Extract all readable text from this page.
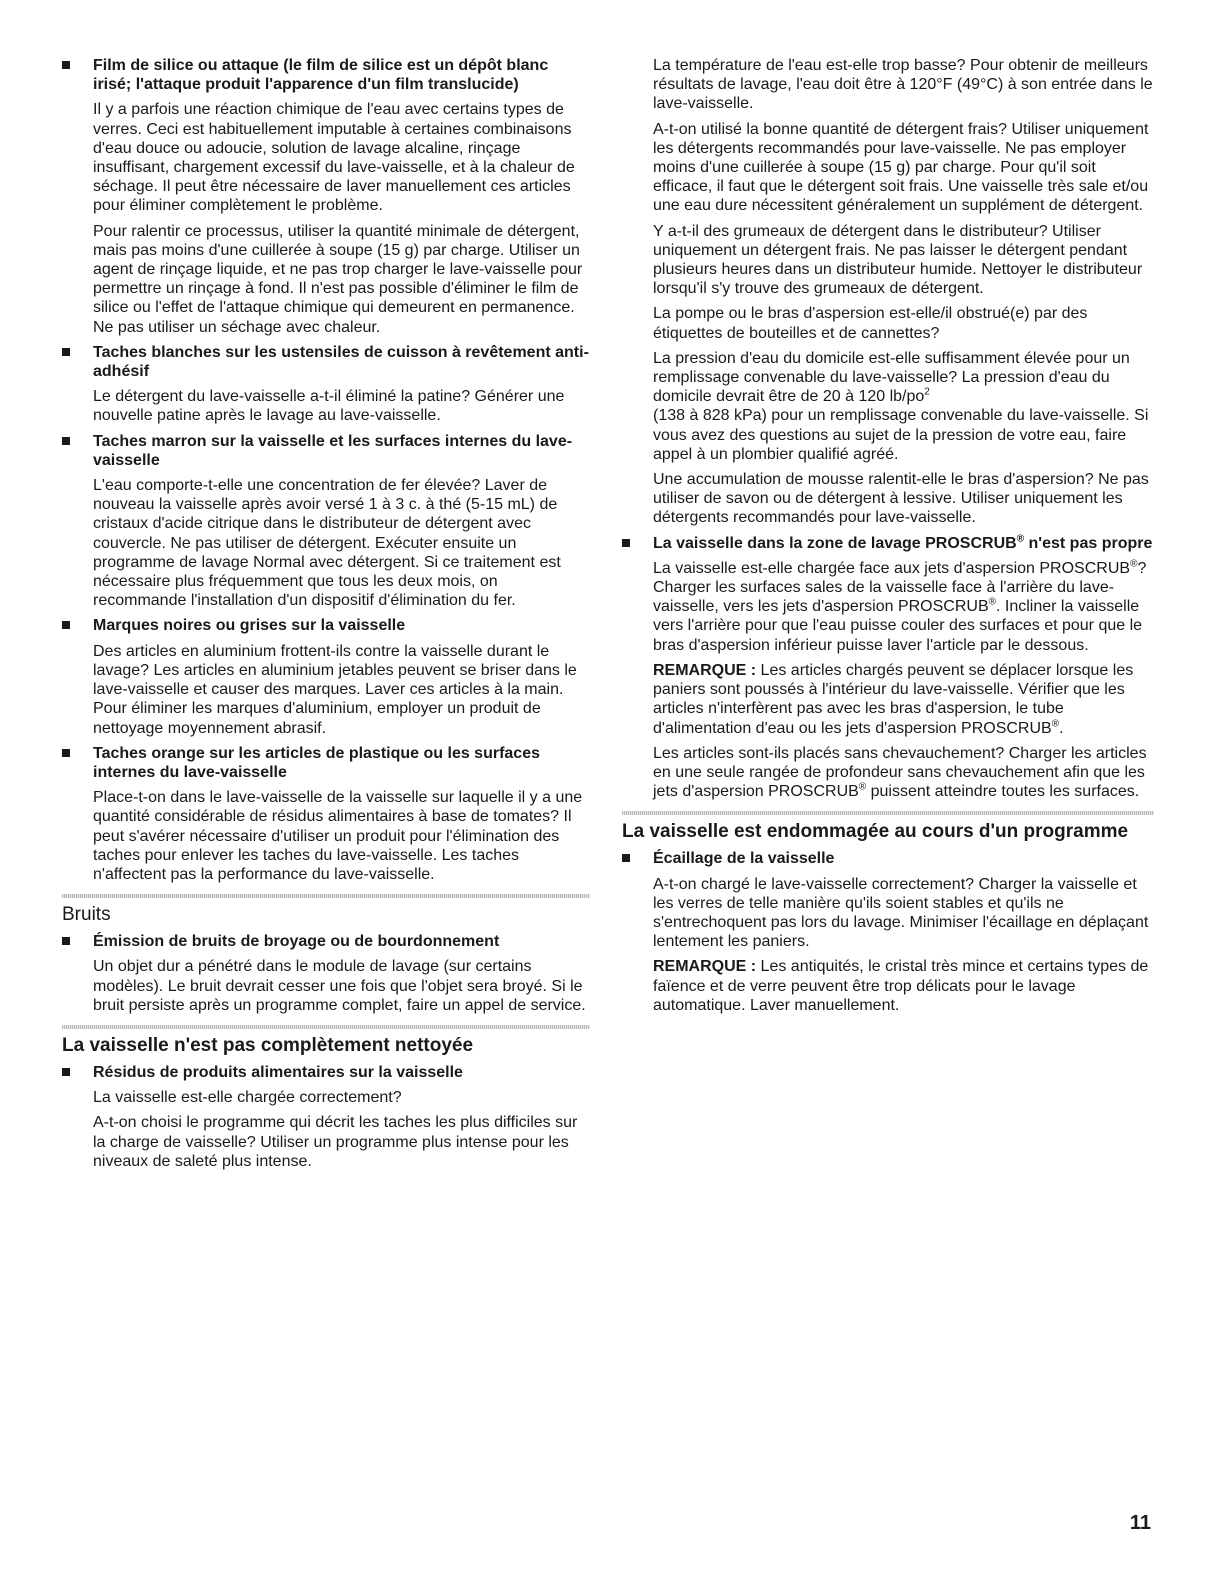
Film de silice ou attaque (le film de silice est un dépôt blanc irisé; l'attaque produit l'apparence d'un film translucide)

Il y a parfois une réaction chimique de l'eau avec certains types de verres. Ceci est habituellement imputable à certaines combinaisons d'eau douce ou adoucie, solution de lavage alcaline, rinçage insuffisant, chargement excessif du lave-vaisselle, et à la chaleur de séchage. Il peut être nécessaire de laver manuellement ces articles pour éliminer complètement le problème.

Pour ralentir ce processus, utiliser la quantité minimale de détergent, mais pas moins d'une cuillerée à soupe (15 g) par charge. Utiliser un agent de rinçage liquide, et ne pas trop charger le lave-vaisselle pour permettre un rinçage à fond. Il n'est pas possible d'éliminer le film de silice ou l'effet de l'attaque chimique qui demeurent en permanence. Ne pas utiliser un séchage avec chaleur.

Taches blanches sur les ustensiles de cuisson à revêtement anti-adhésif

Le détergent du lave-vaisselle a-t-il éliminé la patine? Générer une nouvelle patine après le lavage au lave-vaisselle.

Taches marron sur la vaisselle et les surfaces internes du lave-vaisselle

L'eau comporte-t-elle une concentration de fer élevée? Laver de nouveau la vaisselle après avoir versé 1 à 3 c. à thé (5-15 mL) de cristaux d'acide citrique dans le distributeur de détergent avec couvercle. Ne pas utiliser de détergent. Exécuter ensuite un programme de lavage Normal avec détergent. Si ce traitement est nécessaire plus fréquemment que tous les deux mois, on recommande l'installation d'un dispositif d'élimination du fer.

Marques noires ou grises sur la vaisselle

Des articles en aluminium frottent-ils contre la vaisselle durant le lavage? Les articles en aluminium jetables peuvent se briser dans le lave-vaisselle et causer des marques. Laver ces articles à la main. Pour éliminer les marques d'aluminium, employer un produit de nettoyage moyennement abrasif.

Taches orange sur les articles de plastique ou les surfaces internes du lave-vaisselle

Place-t-on dans le lave-vaisselle de la vaisselle sur laquelle il y a une quantité considérable de résidus alimentaires à base de tomates? Il peut s'avérer nécessaire d'utiliser un produit pour l'élimination des taches pour enlever les taches du lave-vaisselle. Les taches n'affectent pas la performance du lave-vaisselle.

Bruits
Émission de bruits de broyage ou de bourdonnement

Un objet dur a pénétré dans le module de lavage (sur certains modèles). Le bruit devrait cesser une fois que l'objet sera broyé. Si le bruit persiste après un programme complet, faire un appel de service.

La vaisselle n'est pas complètement nettoyée
Résidus de produits alimentaires sur la vaisselle

La vaisselle est-elle chargée correctement?

A-t-on choisi le programme qui décrit les taches les plus difficiles sur la charge de vaisselle? Utiliser un programme plus intense pour les niveaux de saleté plus intense.

La température de l'eau est-elle trop basse? Pour obtenir de meilleurs résultats de lavage, l'eau doit être à 120°F (49°C) à son entrée dans le lave-vaisselle.

A-t-on utilisé la bonne quantité de détergent frais? Utiliser uniquement les détergents recommandés pour lave-vaisselle. Ne pas employer moins d'une cuillerée à soupe (15 g) par charge. Pour qu'il soit efficace, il faut que le détergent soit frais. Une vaisselle très sale et/ou une eau dure nécessitent généralement un supplément de détergent.

Y a-t-il des grumeaux de détergent dans le distributeur? Utiliser uniquement un détergent frais. Ne pas laisser le détergent pendant plusieurs heures dans un distributeur humide. Nettoyer le distributeur lorsqu'il s'y trouve des grumeaux de détergent.

La pompe ou le bras d'aspersion est-elle/il obstrué(e) par des étiquettes de bouteilles et de cannettes?

La pression d'eau du domicile est-elle suffisamment élevée pour un remplissage convenable du lave-vaisselle? La pression d'eau du domicile devrait être de 20 à 120 $lb/po^2$
(138 à 828 kPa) pour un remplissage convenable du lave-vaisselle. Si vous avez des questions au sujet de la pression de votre eau, faire appel à un plombier qualifié agréé.

Une accumulation de mousse ralentit-elle le bras d'aspersion? Ne pas utiliser de savon ou de détergent à lessive. Utiliser uniquement les détergents recommandés pour lave-vaisselle.

La vaisselle dans la zone de lavage PROSCRUB® n'est pas propre

La vaisselle est-elle chargée face aux jets d'aspersion PROSCRUB®? Charger les surfaces sales de la vaisselle face à l'arrière du lave-vaisselle, vers les jets d'aspersion PROSCRUB®. Incliner la vaisselle vers l'arrière pour que l'eau puisse couler des surfaces et pour que le bras d'aspersion inférieur puisse laver l'article par le dessous.

REMARQUE : Les articles chargés peuvent se déplacer lorsque les paniers sont poussés à l'intérieur du lave-vaisselle. Vérifier que les articles n'interfèrent pas avec les bras d'aspersion, le tube d'alimentation d'eau ou les jets d'aspersion PROSCRUB®.

Les articles sont-ils placés sans chevauchement? Charger les articles en une seule rangée de profondeur sans chevauchement afin que les jets d'aspersion PROSCRUB® puissent atteindre toutes les surfaces.

La vaisselle est endommagée au cours d'un programme
Écaillage de la vaisselle

A-t-on chargé le lave-vaisselle correctement? Charger la vaisselle et les verres de telle manière qu'ils soient stables et qu'ils ne s'entrechoquent pas lors du lavage. Minimiser l'écaillage en déplaçant lentement les paniers.

REMARQUE : Les antiquités, le cristal très mince et certains types de faïence et de verre peuvent être trop délicats pour le lavage automatique. Laver manuellement.

11
